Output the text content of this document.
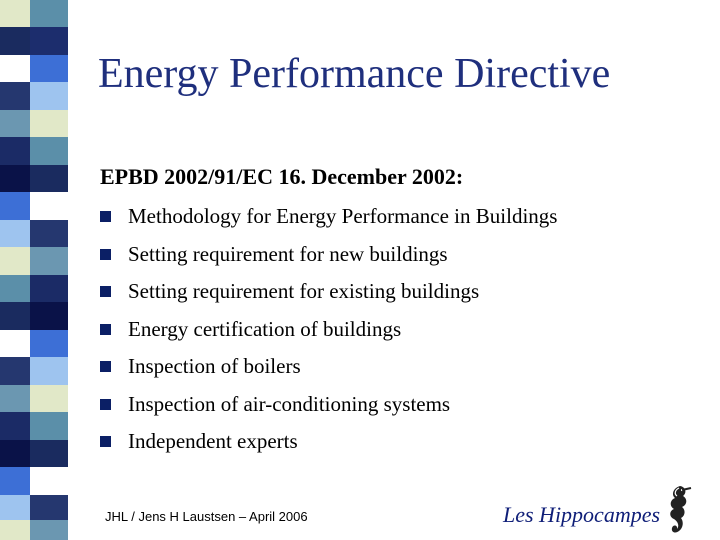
Energy Performance Directive

EPBD 2002/91/EC 16. December 2002:

Methodology for Energy Performance in Buildings
Setting requirement for new buildings
Setting requirement for existing buildings
Energy certification of buildings
Inspection of boilers
Inspection of air-conditioning systems
Independent experts
JHL / Jens H Laustsen – April 2006	Les Hippocampes
